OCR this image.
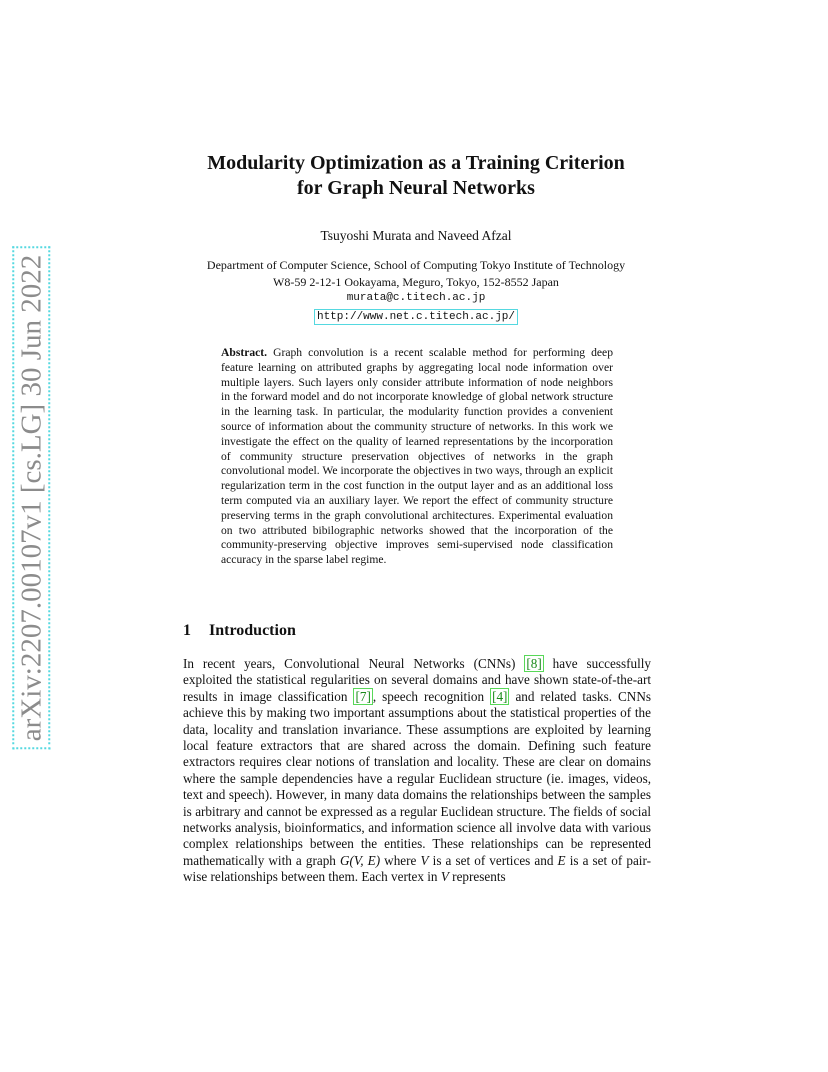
arXiv:2207.00107v1 [cs.LG] 30 Jun 2022
Modularity Optimization as a Training Criterion
for Graph Neural Networks
Tsuyoshi Murata and Naveed Afzal
Department of Computer Science, School of Computing Tokyo Institute of Technology
W8-59 2-12-1 Ookayama, Meguro, Tokyo, 152-8552 Japan
murata@c.titech.ac.jp
http://www.net.c.titech.ac.jp/

Abstract. Graph convolution is a recent scalable method for performing deep feature learning on attributed graphs by aggregating local node information over multiple layers. Such layers only consider attribute information of node neighbors in the forward model and do not incorporate knowledge of global network structure in the learning task. In particular, the modularity function provides a convenient source of information about the community structure of networks. In this work we investigate the effect on the quality of learned representations by the incorporation of community structure preservation objectives of networks in the graph convolutional model. We incorporate the objectives in two ways, through an explicit regularization term in the cost function in the output layer and as an additional loss term computed via an auxiliary layer. We report the effect of community structure preserving terms in the graph convolutional architectures. Experimental evaluation on two attributed bibilographic networks showed that the incorporation of the community-preserving objective improves semi-supervised node classification accuracy in the sparse label regime.

1 Introduction

In recent years, Convolutional Neural Networks (CNNs) [8] have successfully exploited the statistical regularities on several domains and have shown state-of-the-art results in image classification [7] , speech recognition [4] and related tasks. CNNs achieve this by making two important assumptions about the statistical properties of the data, locality and translation invariance. These assumptions are exploited by learning local feature extractors that are shared across the domain. Defining such feature extractors requires clear notions of translation and locality. These are clear on domains where the sample dependencies have a regular Euclidean structure (ie. images, videos, text and speech). However, in many data domains the relationships between the samples is arbitrary and cannot be expressed as a regular Euclidean structure. The fields of social networks analysis, bioinformatics, and information science all involve data with various complex relationships between the entities. These relationships can be represented mathematically with a graph G(V, E) where V is a set of vertices and E is a set of pair-wise relationships between them. Each vertex in V represents
